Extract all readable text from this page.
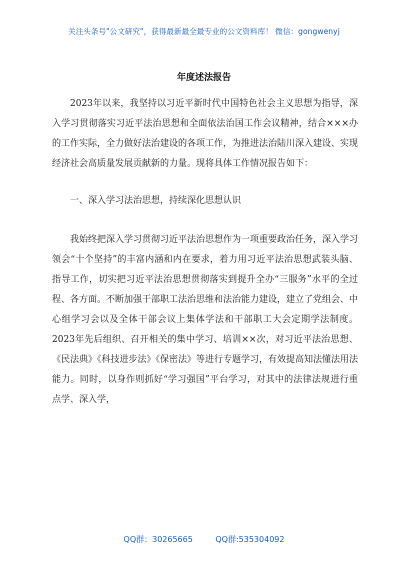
关注头条号"公文研究"，获得最新最全最专业的公文资料库！ 微信：gongwenyj
年度述法报告

2023年以来，我坚持以习近平新时代中国特色社会主义思想为指导，深入学习贯彻落实习近平法治思想和全面依法治国工作会议精神，结合×××办的工作实际，全力做好法治建设的各项工作，为推进法治陆川深入建设、实现经济社会高质量发展贡献新的力量。现将具体工作情况报告如下：

一、深入学习法治思想，持续深化思想认识

我始终把深入学习贯彻习近平法治思想作为一项重要政治任务，深入学习领会“十个坚持”的丰富内涵和内在要求，着力用习近平法治思想武装头脑、指导工作，切实把习近平法治思想贯彻落实到提升全办“三服务”水平的全过程、各方面。不断加强干部职工法治思维和法治能力建设，建立了党组会、中心组学习会以及全体干部会议上集体学法和干部职工大会定期学法制度。2023年先后组织、召开相关的集中学习、培训××次，对习近平法治思想、《民法典》《科技进步法》《保密法》等进行专题学习，有效提高知法懂法用法能力。同时，以身作则抓好“学习强国”平台学习，对其中的法律法规进行重点学、深入学，

QQ群：30265665	QQ群:535304092
